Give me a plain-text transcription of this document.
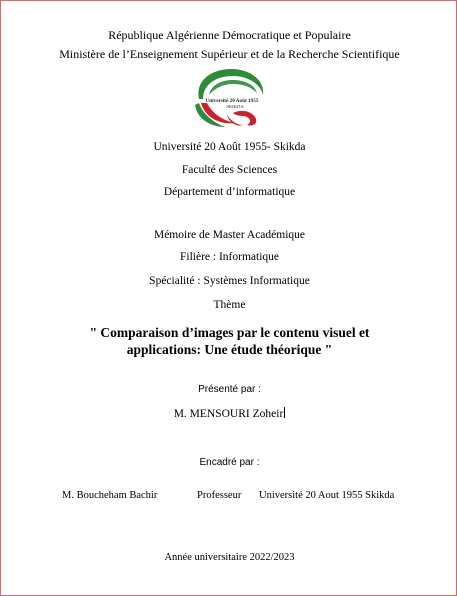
République Algérienne Démocratique et Populaire
Ministère de l’Enseignement Supérieur et de la Recherche Scientifique
Université 20 Août 1955
SKIKDA
Université 20 Août 1955- Skikda
Faculté des Sciences
Département d’informatique
Mémoire de Master Académique
Filière : Informatique
Spécialité : Systèmes Informatique
Thème
" Comparaison d’images par le contenu visuel et
applications: Une étude théorique "
Présenté par :
M. MENSOURI Zoheir
Encadré par :
M. Boucheham Bachir	Professeur Université 20 Aout 1955 Skikda
Année universitaire 2022/2023
